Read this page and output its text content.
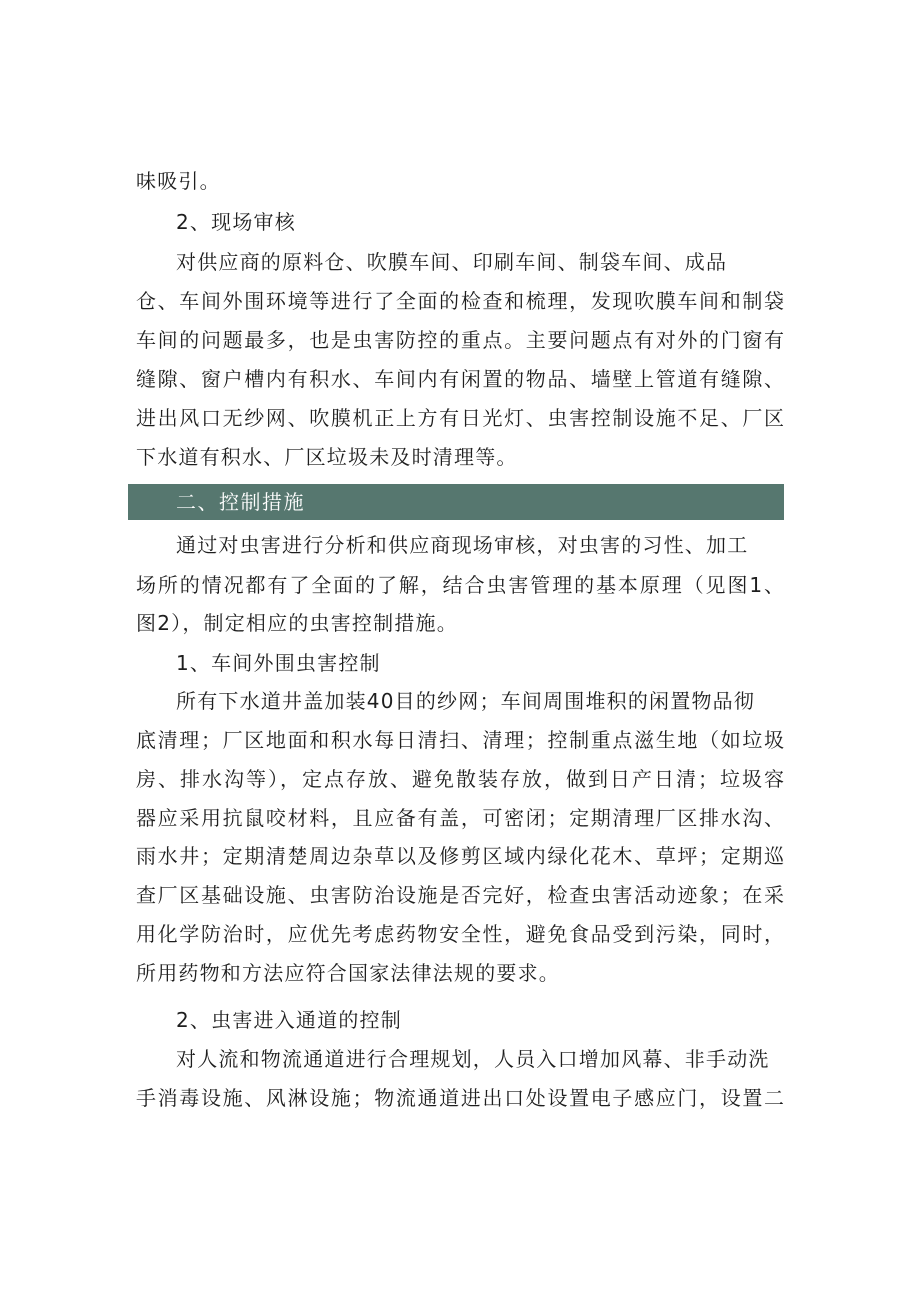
味吸引。
2、现场审核
对供应商的原料仓、吹膜车间、印刷车间、制袋车间、成品
仓、车间外围环境等进行了全面的检查和梳理，发现吹膜车间和制袋
车间的问题最多，也是虫害防控的重点。主要问题点有对外的门窗有
缝隙、窗户槽内有积水、车间内有闲置的物品、墙壁上管道有缝隙、
进出风口无纱网、吹膜机正上方有日光灯、虫害控制设施不足、厂区
下水道有积水、厂区垃圾未及时清理等。
二、控制措施
通过对虫害进行分析和供应商现场审核，对虫害的习性、加工
场所的情况都有了全面的了解，结合虫害管理的基本原理（见图1、
图2），制定相应的虫害控制措施。
1、车间外围虫害控制
所有下水道井盖加装40目的纱网；车间周围堆积的闲置物品彻
底清理；厂区地面和积水每日清扫、清理；控制重点滋生地（如垃圾
房、排水沟等），定点存放、避免散装存放，做到日产日清；垃圾容
器应采用抗鼠咬材料，且应备有盖，可密闭；定期清理厂区排水沟、
雨水井；定期清楚周边杂草以及修剪区域内绿化花木、草坪；定期巡
查厂区基础设施、虫害防治设施是否完好，检查虫害活动迹象；在采
用化学防治时，应优先考虑药物安全性，避免食品受到污染，同时，
所用药物和方法应符合国家法律法规的要求。
2、虫害进入通道的控制
对人流和物流通道进行合理规划，人员入口增加风幕、非手动洗
手消毒设施、风淋设施；物流通道进出口处设置电子感应门，设置二
